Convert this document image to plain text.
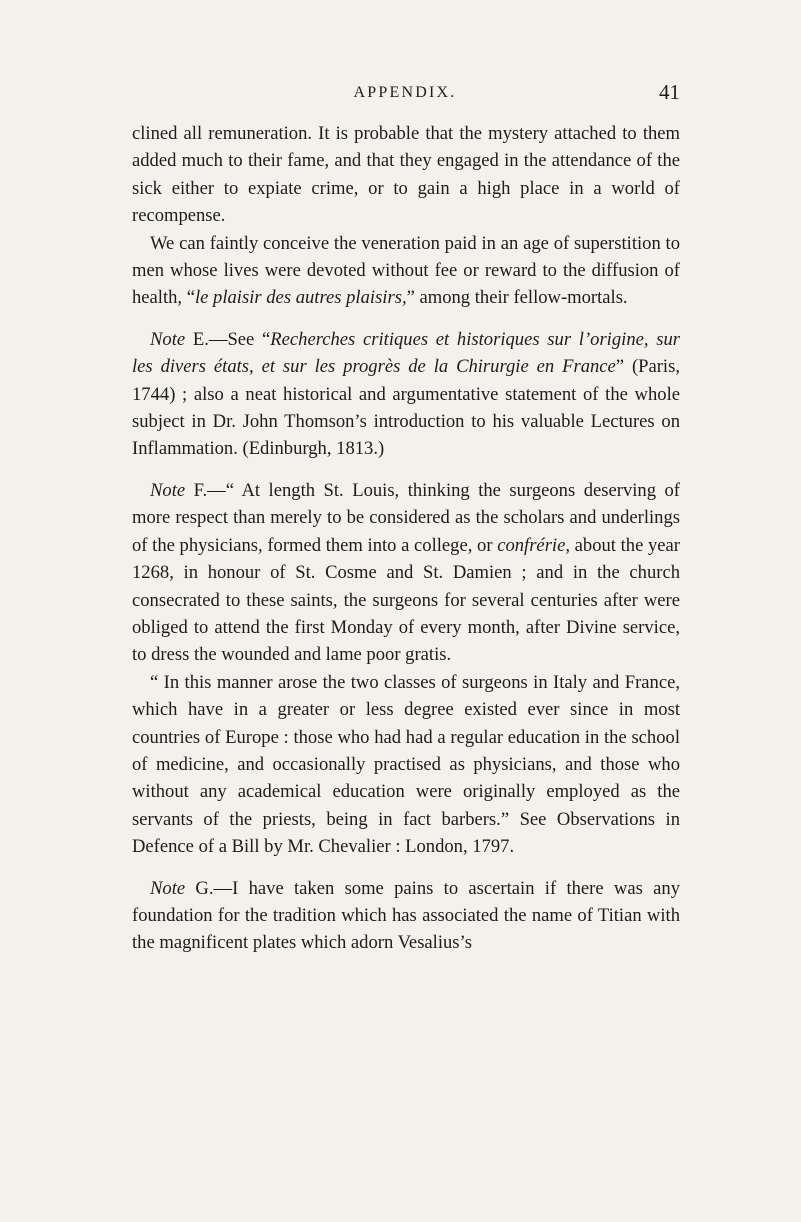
APPENDIX.	41

clined all remuneration. It is probable that the mystery attached to them added much to their fame, and that they engaged in the attendance of the sick either to expiate crime, or to gain a high place in a world of recompense.

We can faintly conceive the veneration paid in an age of superstition to men whose lives were devoted without fee or reward to the diffusion of health, “le plaisir des autres plaisirs,” among their fellow-mortals.

Note E.—See “Recherches critiques et historiques sur l’origine, sur les divers états, et sur les progrès de la Chirurgie en France” (Paris, 1744) ; also a neat historical and argumentative statement of the whole subject in Dr. John Thomson’s introduction to his valuable Lectures on Inflammation. (Edinburgh, 1813.)

Note F.—“ At length St. Louis, thinking the surgeons deserving of more respect than merely to be considered as the scholars and underlings of the physicians, formed them into a college, or confrérie, about the year 1268, in honour of St. Cosme and St. Damien ; and in the church consecrated to these saints, the surgeons for several centuries after were obliged to attend the first Monday of every month, after Divine service, to dress the wounded and lame poor gratis.

“ In this manner arose the two classes of surgeons in Italy and France, which have in a greater or less degree existed ever since in most countries of Europe : those who had had a regular education in the school of medicine, and occasionally practised as physicians, and those who without any academical education were originally employed as the servants of the priests, being in fact barbers.” See Observations in Defence of a Bill by Mr. Chevalier : London, 1797.

Note G.—I have taken some pains to ascertain if there was any foundation for the tradition which has associated the name of Titian with the magnificent plates which adorn Vesalius’s
